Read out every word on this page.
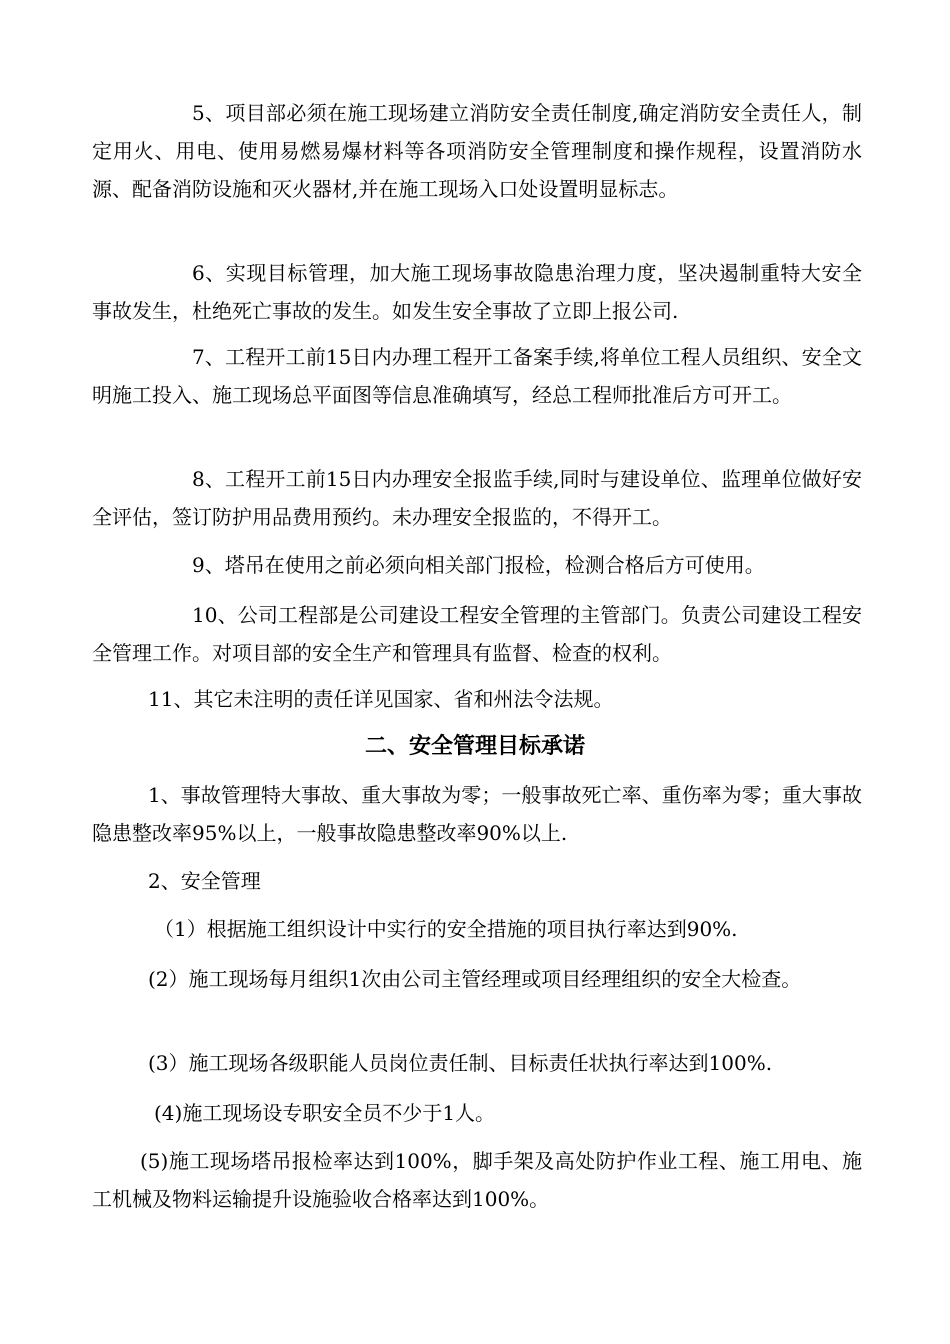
5、项目部必须在施工现场建立消防安全责任制度,确定消防安全责任人，制定用火、用电、使用易燃易爆材料等各项消防安全管理制度和操作规程，设置消防水源、配备消防设施和灭火器材,并在施工现场入口处设置明显标志。

6、实现目标管理，加大施工现场事故隐患治理力度，坚决遏制重特大安全事故发生，杜绝死亡事故的发生。如发生安全事故了立即上报公司.

7、工程开工前15日内办理工程开工备案手续,将单位工程人员组织、安全文明施工投入、施工现场总平面图等信息准确填写，经总工程师批准后方可开工。

8、工程开工前15日内办理安全报监手续,同时与建设单位、监理单位做好安全评估，签订防护用品费用预约。未办理安全报监的，不得开工。

9、塔吊在使用之前必须向相关部门报检，检测合格后方可使用。

10、公司工程部是公司建设工程安全管理的主管部门。负责公司建设工程安全管理工作。对项目部的安全生产和管理具有监督、检查的权利。

11、其它未注明的责任详见国家、省和州法令法规。

二、安全管理目标承诺

1、事故管理特大事故、重大事故为零；一般事故死亡率、重伤率为零；重大事故隐患整改率95%以上，一般事故隐患整改率90%以上.

2、安全管理

（1）根据施工组织设计中实行的安全措施的项目执行率达到90%.

(2）施工现场每月组织1次由公司主管经理或项目经理组织的安全大检查。

(3）施工现场各级职能人员岗位责任制、目标责任状执行率达到100%.

(4)施工现场设专职安全员不少于1人。

(5)施工现场塔吊报检率达到100%，脚手架及高处防护作业工程、施工用电、施工机械及物料运输提升设施验收合格率达到100%。
